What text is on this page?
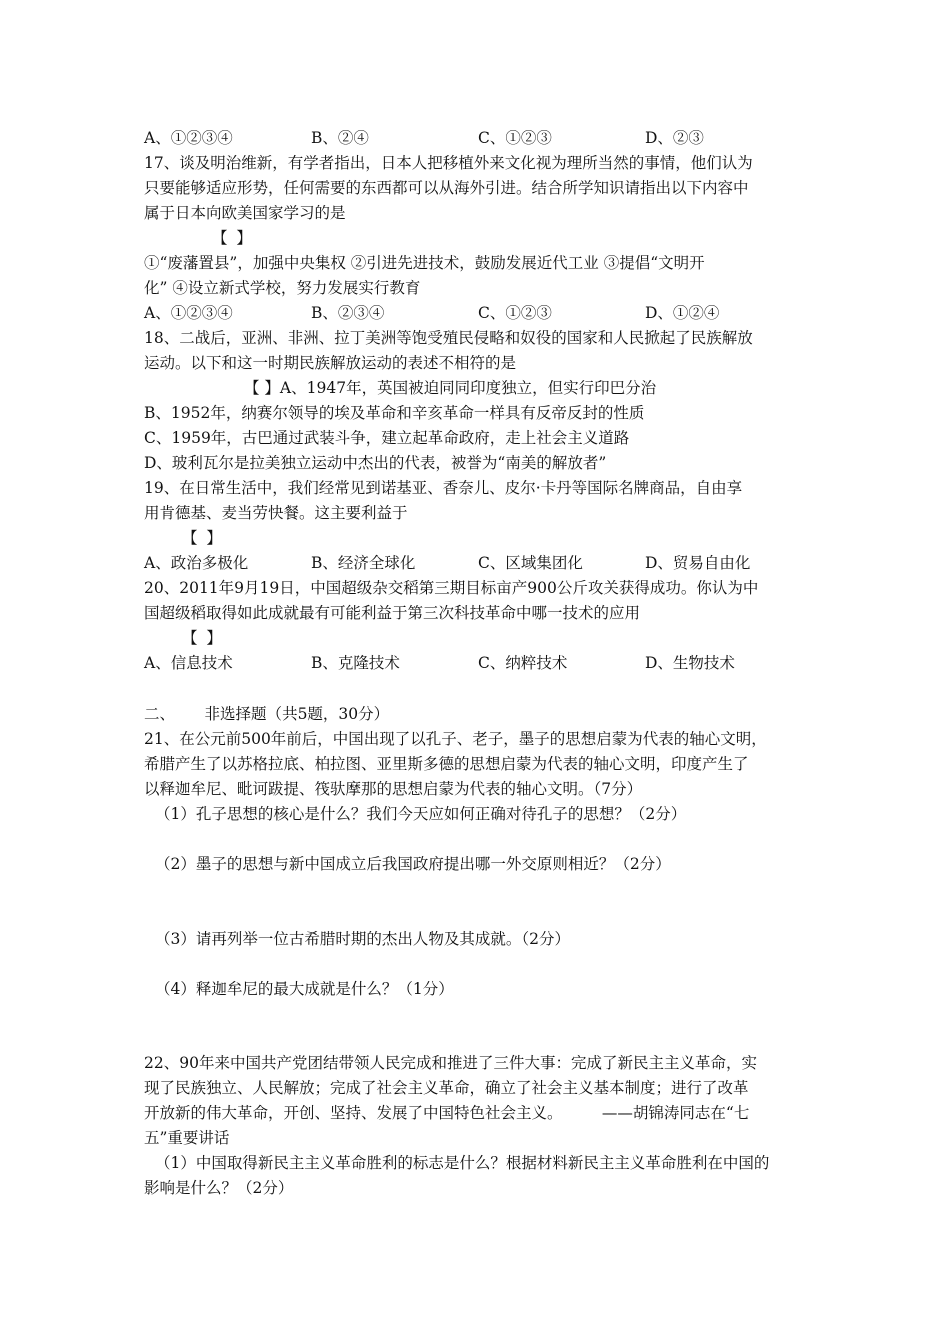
A、①②③④	B、②④	C、①②③	D、②③
17、谈及明治维新，有学者指出，日本人把移植外来文化视为理所当然的事情，他们认为
只要能够适应形势，任何需要的东西都可以从海外引进。结合所学知识请指出以下内容中
属于日本向欧美国家学习的是
【 】
①“废藩置县”，加强中央集权 ②引进先进技术，鼓励发展近代工业 ③提倡“文明开
化” ④设立新式学校，努力发展实行教育
A、①②③④	B、②③④	C、①②③	D、①②④
18、二战后，亚洲、非洲、拉丁美洲等饱受殖民侵略和奴役的国家和人民掀起了民族解放
运动。以下和这一时期民族解放运动的表述不相符的是
【 】A、1947年，英国被迫同同印度独立，但实行印巴分治
B、1952年，纳赛尔领导的埃及革命和辛亥革命一样具有反帝反封的性质
C、1959年，古巴通过武装斗争，建立起革命政府，走上社会主义道路
D、玻利瓦尔是拉美独立运动中杰出的代表，被誉为“南美的解放者”
19、在日常生活中，我们经常见到诺基亚、香奈儿、皮尔·卡丹等国际名牌商品，自由享
用肯德基、麦当劳快餐。这主要利益于
【 】
A、政治多极化	B、经济全球化	C、区域集团化	D、贸易自由化
20、2011年9月19日，中国超级杂交稻第三期目标亩产900公斤攻关获得成功。你认为中
国超级稻取得如此成就最有可能利益于第三次科技革命中哪一技术的应用
【 】
A、信息技术	B、克隆技术	C、纳粹技术	D、生物技术
二、      非选择题（共5题，30分）
21、在公元前500年前后，中国出现了以孔子、老子，墨子的思想启蒙为代表的轴心文明，
希腊产生了以苏格拉底、柏拉图、亚里斯多德的思想启蒙为代表的轴心文明，印度产生了
以释迦牟尼、毗诃跋提、筏驮摩那的思想启蒙为代表的轴心文明。（7分）
（1）孔子思想的核心是什么？我们今天应如何正确对待孔子的思想？（2分）
（2）墨子的思想与新中国成立后我国政府提出哪一外交原则相近？（2分）
（3）请再列举一位古希腊时期的杰出人物及其成就。（2分）
（4）释迦牟尼的最大成就是什么？（1分）
22、90年来中国共产党团结带领人民完成和推进了三件大事：完成了新民主主义革命，实
现了民族独立、人民解放；完成了社会主义革命，确立了社会主义基本制度；进行了改革
开放新的伟大革命，开创、坚持、发展了中国特色社会主义。        ——胡锦涛同志在“七
五”重要讲话
（1）中国取得新民主主义革命胜利的标志是什么？根据材料新民主主义革命胜利在中国的
影响是什么？（2分）
